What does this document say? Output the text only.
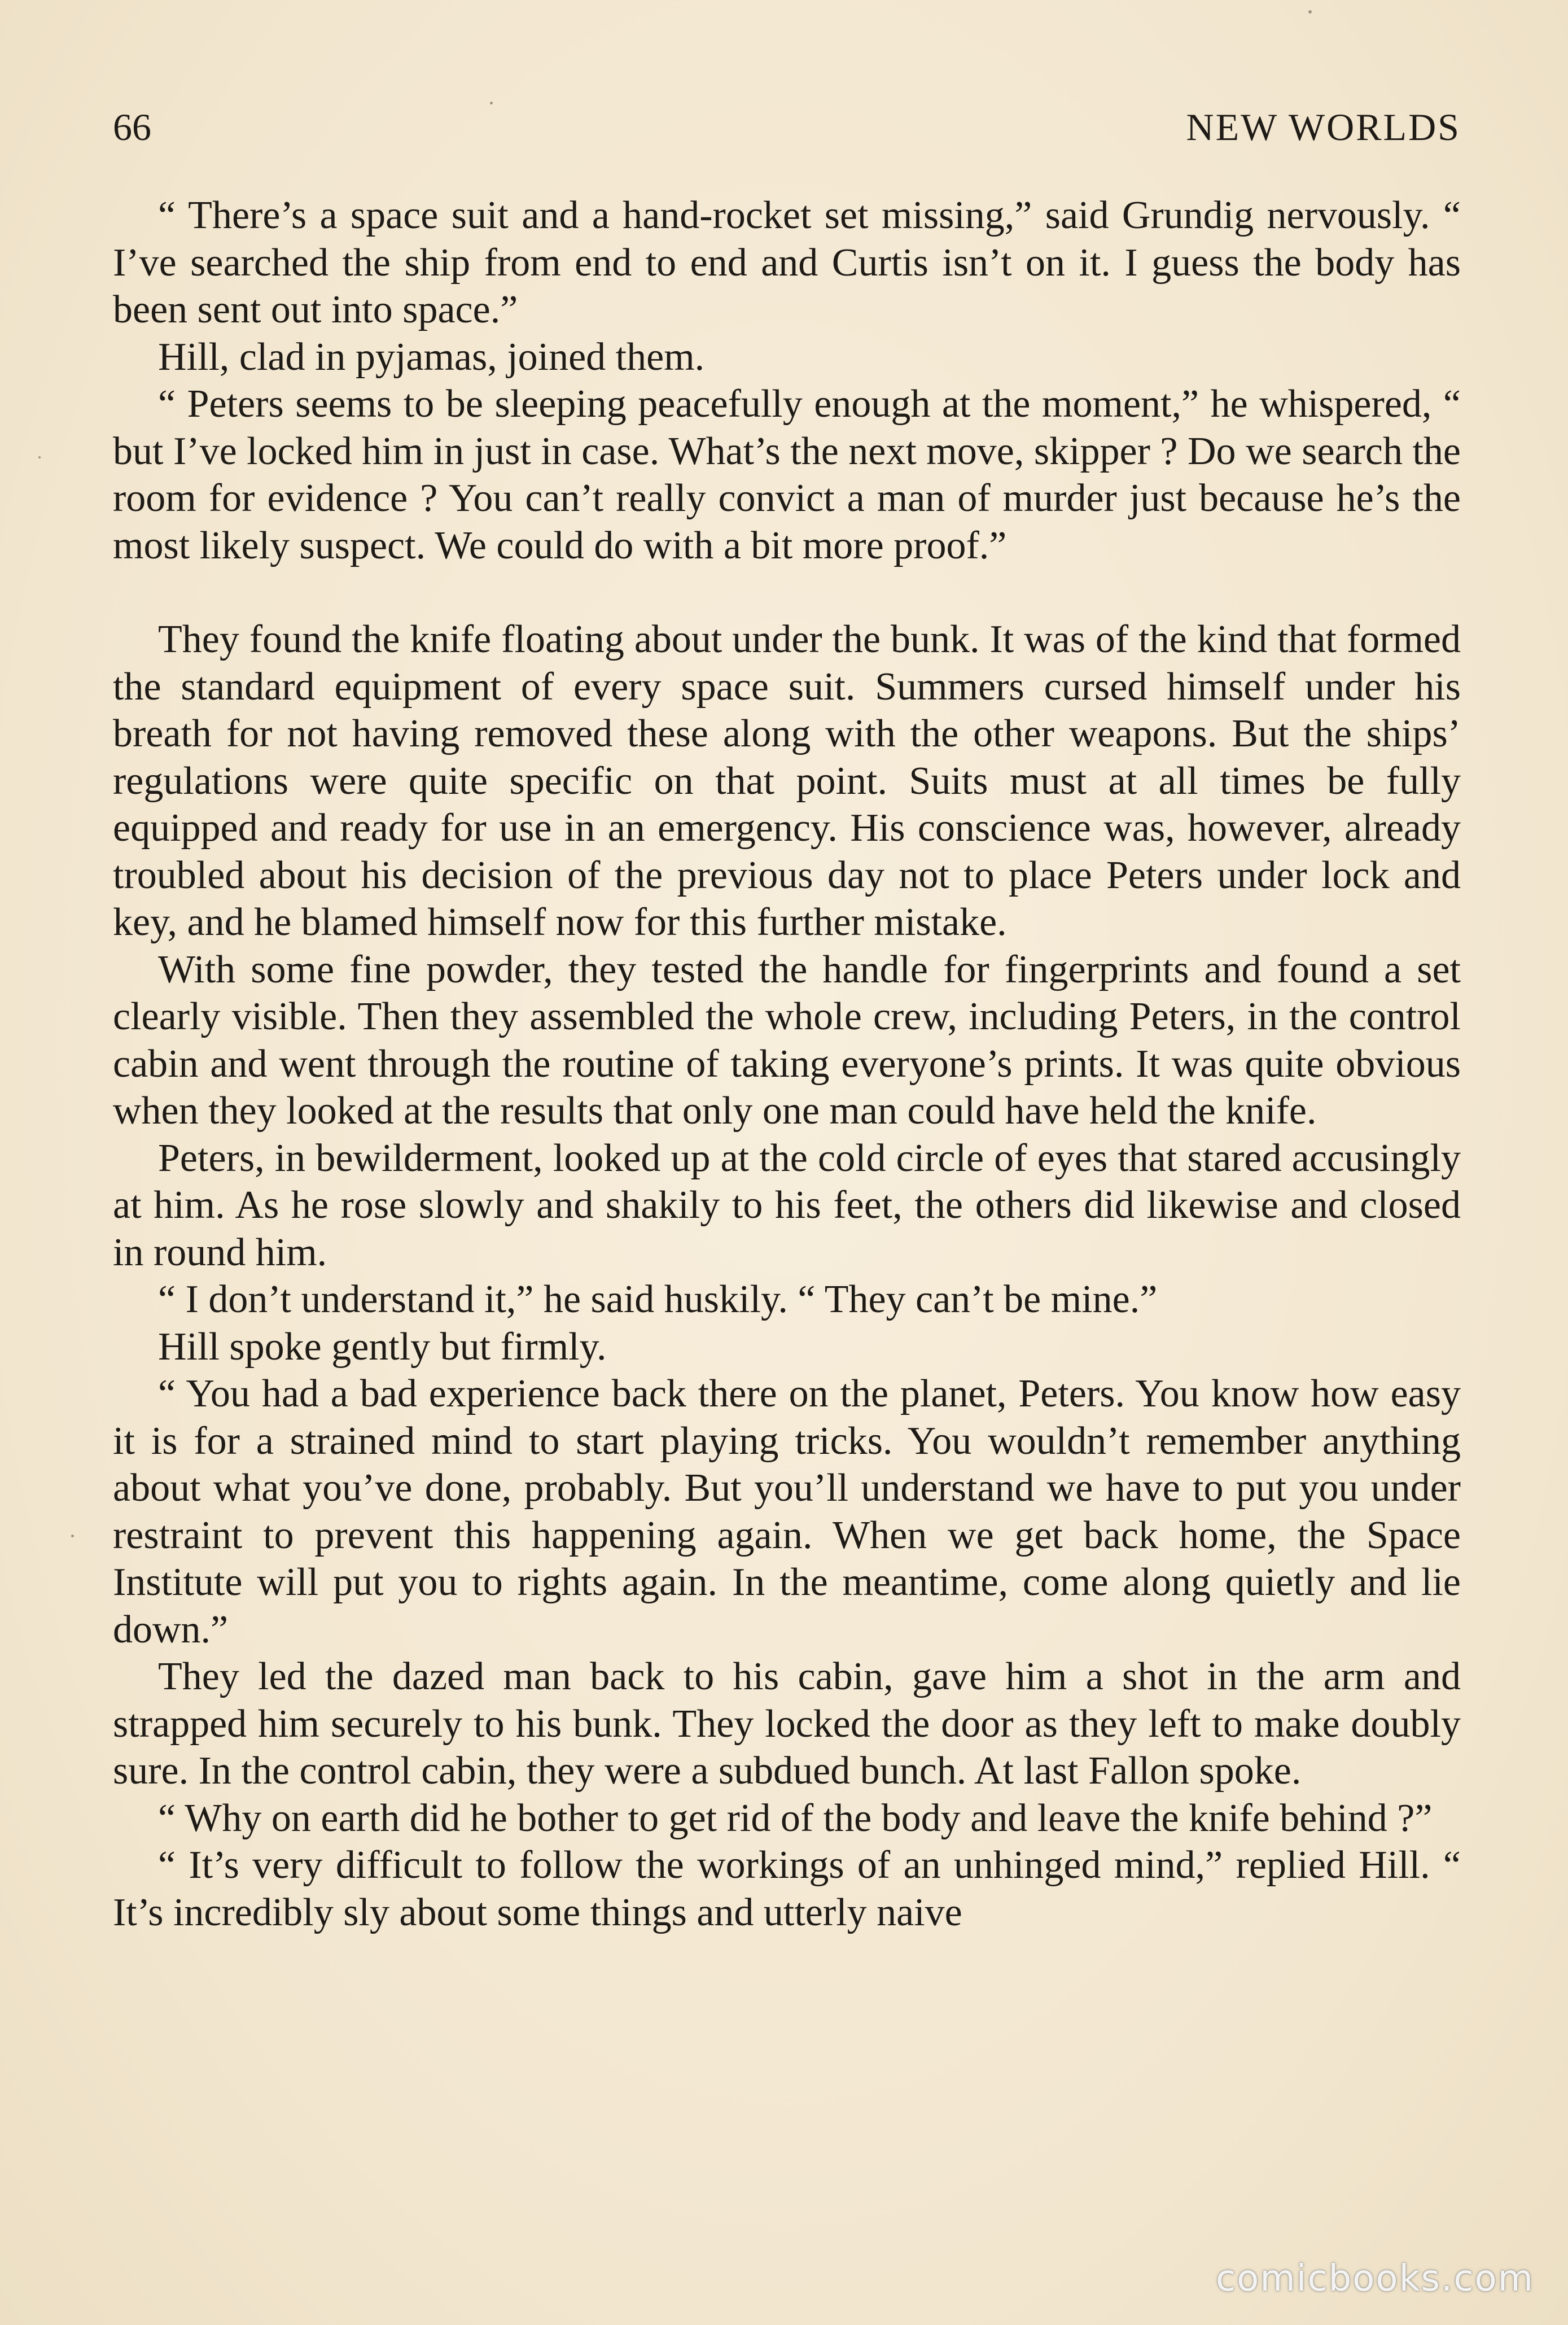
66	NEW WORLDS

“ There’s a space suit and a hand-rocket set missing,” said Grundig nervously. “ I’ve searched the ship from end to end and Curtis isn’t on it. I guess the body has been sent out into space.”

Hill, clad in pyjamas, joined them.

“ Peters seems to be sleeping peacefully enough at the moment,” he whispered, “ but I’ve locked him in just in case. What’s the next move, skipper ? Do we search the room for evidence ? You can’t really convict a man of murder just because he’s the most likely suspect. We could do with a bit more proof.”

They found the knife floating about under the bunk. It was of the kind that formed the standard equipment of every space suit. Summers cursed himself under his breath for not having removed these along with the other weapons. But the ships’ regulations were quite specific on that point. Suits must at all times be fully equipped and ready for use in an emergency. His conscience was, however, already troubled about his decision of the previous day not to place Peters under lock and key, and he blamed himself now for this further mistake.

With some fine powder, they tested the handle for fingerprints and found a set clearly visible. Then they assembled the whole crew, including Peters, in the control cabin and went through the routine of taking everyone’s prints. It was quite obvious when they looked at the results that only one man could have held the knife.

Peters, in bewilderment, looked up at the cold circle of eyes that stared accusingly at him. As he rose slowly and shakily to his feet, the others did likewise and closed in round him.

“ I don’t understand it,” he said huskily. “ They can’t be mine.”

Hill spoke gently but firmly.

“ You had a bad experience back there on the planet, Peters. You know how easy it is for a strained mind to start playing tricks. You wouldn’t remember anything about what you’ve done, probably. But you’ll understand we have to put you under restraint to prevent this happening again. When we get back home, the Space Institute will put you to rights again. In the meantime, come along quietly and lie down.”

They led the dazed man back to his cabin, gave him a shot in the arm and strapped him securely to his bunk. They locked the door as they left to make doubly sure. In the control cabin, they were a subdued bunch. At last Fallon spoke.

“ Why on earth did he bother to get rid of the body and leave the knife behind ?”

“ It’s very difficult to follow the workings of an unhinged mind,” replied Hill. “ It’s incredibly sly about some things and utterly naive

comicbooks.com
